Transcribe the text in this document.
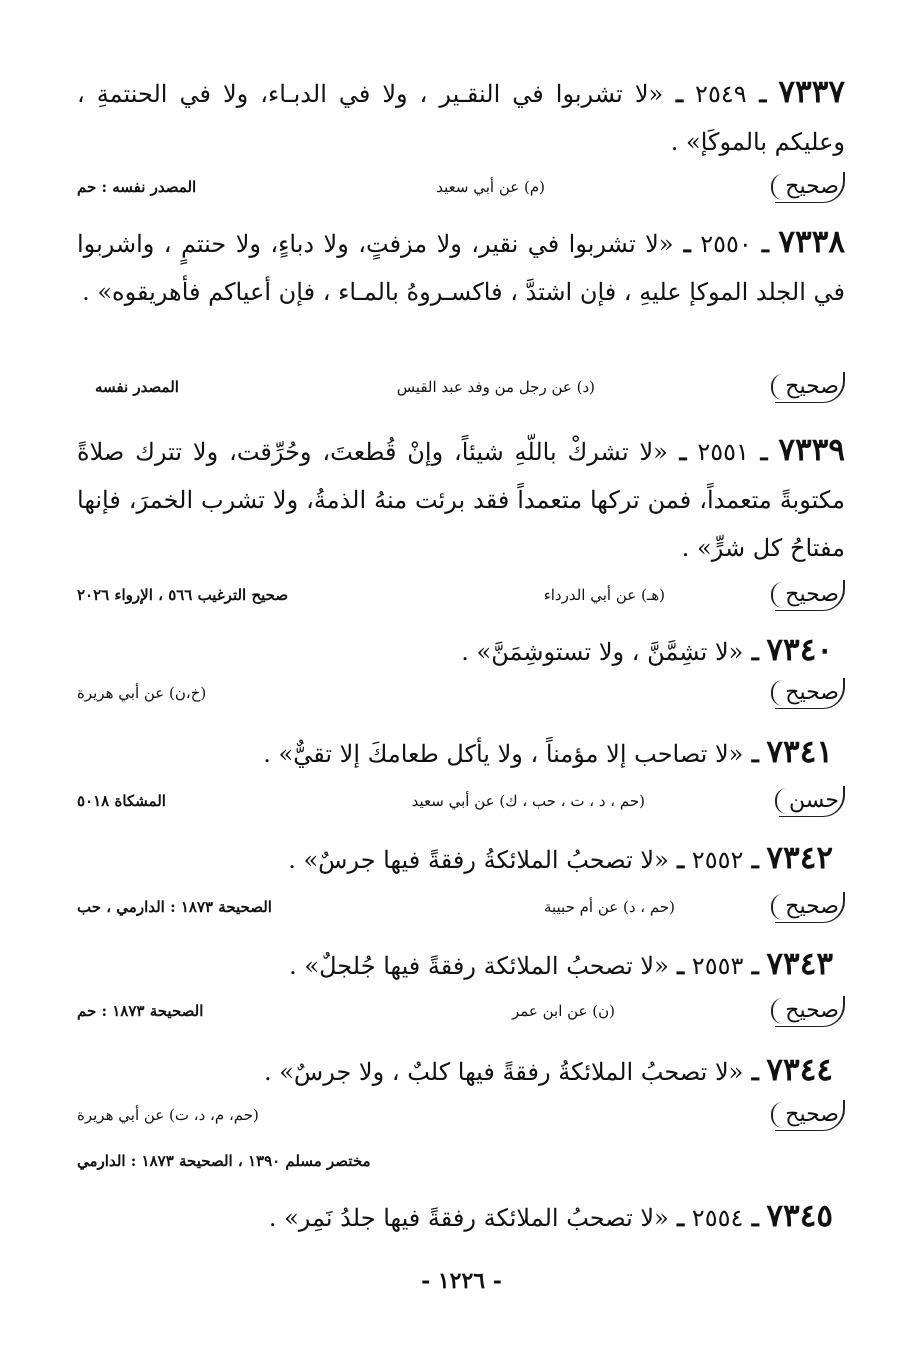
٧٣٣٧ ـ ٢٥٤٩ ـ «لا تشربوا في النقـير ، ولا في الدبـاء، ولا في الحنتمةِ ، وعليكم بالموكَإ» .
صحيح
(م) عن أبي سعيد
المصدر نفسه : حم
٧٣٣٨ ـ ٢٥٥٠ ـ «لا تشربوا في نقير، ولا مزفتٍ، ولا دباءٍ، ولا حنتمٍ ، واشربوا في الجلد الموكإ عليهِ ، فإن اشتدَّ ، فاكسـروهُ بالمـاء ، فإن أعياكم فأهريقوه» .
صحيح
(د) عن رجل من وفد عبد القيس
المصدر نفسه
٧٣٣٩ ـ ٢٥٥١ ـ «لا تشركْ باللّهِ شيئاً، وإنْ قُطعتَ، وحُرِّقت، ولا تترك صلاةً مكتوبةً متعمداً، فمن تركها متعمداً فقد برئت منهُ الذمةُ، ولا تشرب الخمرَ، فإنها مفتاحُ كل شرٍّ» .
صحيح
(هـ) عن أبي الدرداء
صحيح الترغيب ٥٦٦ ، الإرواء ٢٠٢٦
٧٣٤٠ ـ «لا تشِمَّنَّ ، ولا تستوشِمَنَّ» .
صحيح
(خ،ن) عن أبي هريرة
٧٣٤١ ـ «لا تصاحب إلا مؤمناً ، ولا يأكل طعامكَ إلا تقيٌّ» .
حسن
(حم ، د ، ت ، حب ، ك) عن أبي سعيد
المشكاة ٥٠١٨
٧٣٤٢ ـ ٢٥٥٢ ـ «لا تصحبُ الملائكةُ رفقةً فيها جرسٌ» .
صحيح
(حم ، د) عن أم حبيبة
الصحيحة ١٨٧٣ : الدارمي ، حب
٧٣٤٣ ـ ٢٥٥٣ ـ «لا تصحبُ الملائكة رفقةً فيها جُلجلٌ» .
صحيح
(ن) عن ابن عمر
الصحيحة ١٨٧٣ : حم
٧٣٤٤ ـ «لا تصحبُ الملائكةُ رفقةً فيها كلبٌ ، ولا جرسٌ» .
صحيح
(حم، م، د، ت) عن أبي هريرة
مختصر مسلم ١٣٩٠ ، الصحيحة ١٨٧٣ : الدارمي
٧٣٤٥ ـ ٢٥٥٤ ـ «لا تصحبُ الملائكة رفقةً فيها جلدُ نَمِر» .
- ١٢٢٦ -
